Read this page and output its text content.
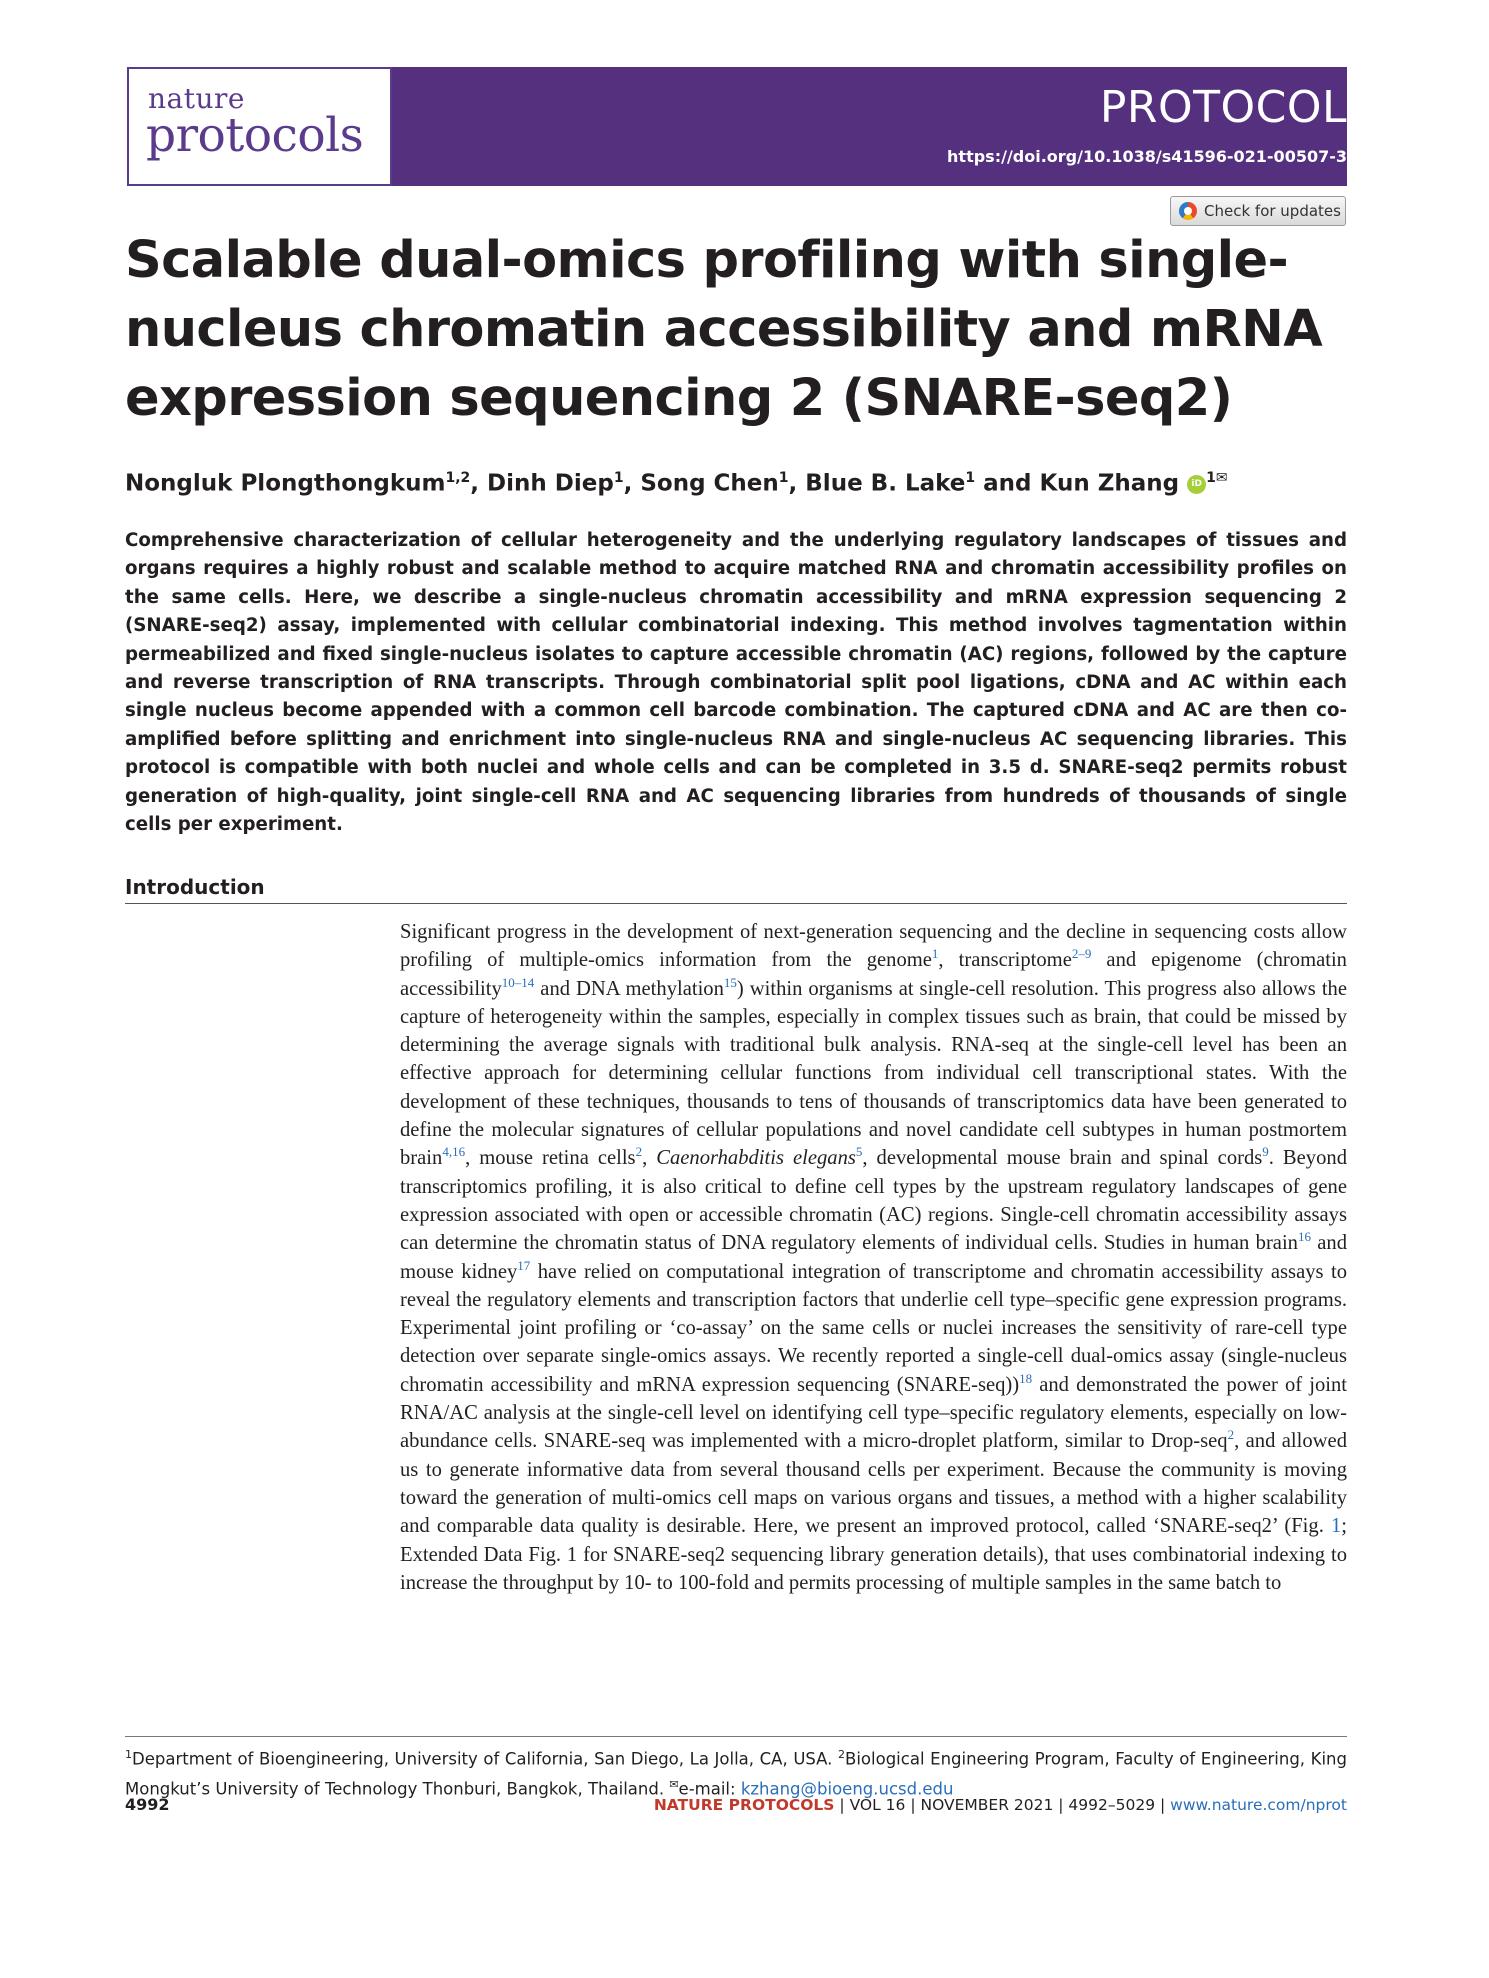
nature
protocols
PROTOCOL
https://doi.org/10.1038/s41596-021-00507-3
Check for updates
Scalable dual-omics profiling with single-nucleus chromatin accessibility and mRNA expression sequencing 2 (SNARE-seq2)
Nongluk Plongthongkum$^{1,2}$, Dinh Diep$^1$, Song Chen$^1$, Blue B. Lake$^1$ and Kun Zhang iD $^{1✉}$
Comprehensive characterization of cellular heterogeneity and the underlying regulatory landscapes of tissues and organs requires a highly robust and scalable method to acquire matched RNA and chromatin accessibility profiles on the same cells. Here, we describe a single-nucleus chromatin accessibility and mRNA expression sequencing 2 (SNARE-seq2) assay, implemented with cellular combinatorial indexing. This method involves tagmentation within permeabilized and fixed single-nucleus isolates to capture accessible chromatin (AC) regions, followed by the capture and reverse transcription of RNA transcripts. Through combinatorial split pool ligations, cDNA and AC within each single nucleus become appended with a common cell barcode combination. The captured cDNA and AC are then co-amplified before splitting and enrichment into single-nucleus RNA and single-nucleus AC sequencing libraries. This protocol is compatible with both nuclei and whole cells and can be completed in 3.5 d. SNARE-seq2 permits robust generation of high-quality, joint single-cell RNA and AC sequencing libraries from hundreds of thousands of single cells per experiment.
Introduction
Significant progress in the development of next-generation sequencing and the decline in sequencing costs allow profiling of multiple-omics information from the genome$^1$, transcriptome$^{2-9}$ and epigenome (chromatin accessibility$^{10-14}$ and DNA methylation$^{15}$) within organisms at single-cell resolution. This progress also allows the capture of heterogeneity within the samples, especially in complex tissues such as brain, that could be missed by determining the average signals with traditional bulk analysis. RNA-seq at the single-cell level has been an effective approach for determining cellular functions from individual cell transcriptional states. With the development of these techniques, thousands to tens of thousands of transcriptomics data have been generated to define the molecular signatures of cellular populations and novel candidate cell subtypes in human postmortem brain$^{4,16}$, mouse retina cells$^2$, Caenorhabditis elegans$^5$, developmental mouse brain and spinal cords$^9$. Beyond transcriptomics profiling, it is also critical to define cell types by the upstream regulatory landscapes of gene expression associated with open or accessible chromatin (AC) regions. Single-cell chromatin accessibility assays can determine the chromatin status of DNA regulatory elements of individual cells. Studies in human brain$^{16}$ and mouse kidney$^{17}$ have relied on computational integration of transcriptome and chromatin accessibility assays to reveal the regulatory elements and transcription factors that underlie cell type–specific gene expression programs. Experimental joint profiling or ‘co-assay’ on the same cells or nuclei increases the sensitivity of rare-cell type detection over separate single-omics assays. We recently reported a single-cell dual-omics assay (single-nucleus chromatin accessibility and mRNA expression sequencing (SNARE-seq))$^{18}$ and demonstrated the power of joint RNA/AC analysis at the single-cell level on identifying cell type–specific regulatory elements, especially on low-abundance cells. SNARE-seq was implemented with a micro-droplet platform, similar to Drop-seq$^2$, and allowed us to generate informative data from several thousand cells per experiment. Because the community is moving toward the generation of multi-omics cell maps on various organs and tissues, a method with a higher scalability and comparable data quality is desirable. Here, we present an improved protocol, called ‘SNARE-seq2’ (Fig. 1; Extended Data Fig. 1 for SNARE-seq2 sequencing library generation details), that uses combinatorial indexing to increase the throughput by 10- to 100-fold and permits processing of multiple samples in the same batch to
$^1$Department of Bioengineering, University of California, San Diego, La Jolla, CA, USA. $^2$Biological Engineering Program, Faculty of Engineering, King Mongkut’s University of Technology Thonburi, Bangkok, Thailand. ✉e-mail: kzhang@bioeng.ucsd.edu
4992	NATURE PROTOCOLS | VOL 16 | NOVEMBER 2021 | 4992–5029 | www.nature.com/nprot
